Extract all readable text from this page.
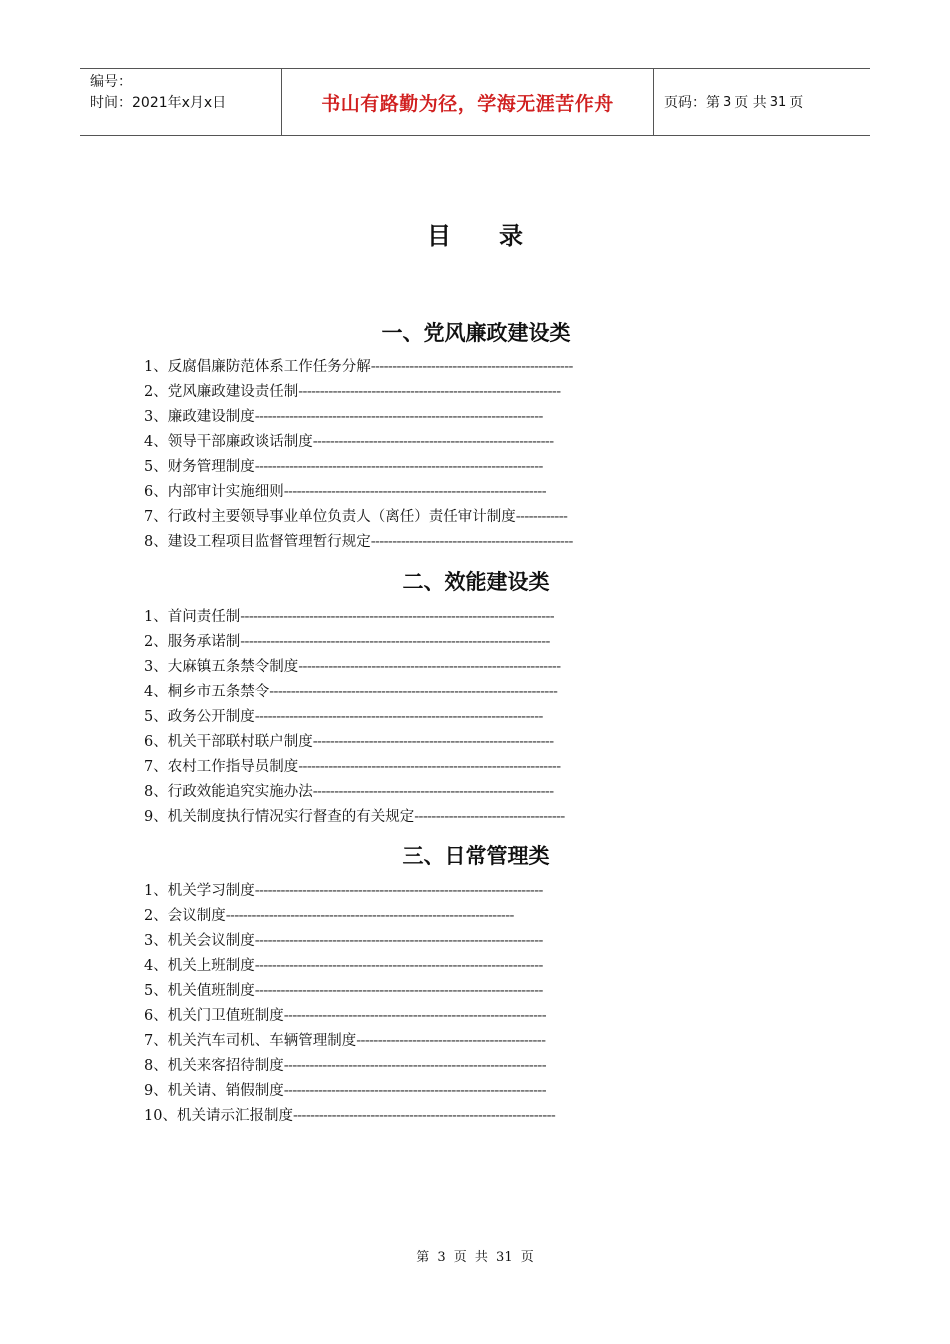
编号：
时间：2021年x月x日	书山有路勤为径，学海无涯苦作舟	页码：第 3 页 共 31 页
目 录
一、党风廉政建设类
1、反腐倡廉防范体系工作任务分解-----------------------------------------------
2、党风廉政建设责任制-------------------------------------------------------------
3、廉政建设制度-------------------------------------------------------------------
4、领导干部廉政谈话制度--------------------------------------------------------
5、财务管理制度-------------------------------------------------------------------
6、内部审计实施细则-------------------------------------------------------------
7、行政村主要领导事业单位负责人（离任）责任审计制度------------
8、建设工程项目监督管理暂行规定-----------------------------------------------
二、效能建设类
1、首问责任制-------------------------------------------------------------------------
2、服务承诺制------------------------------------------------------------------------
3、大麻镇五条禁令制度-------------------------------------------------------------
4、桐乡市五条禁令-------------------------------------------------------------------
5、政务公开制度-------------------------------------------------------------------
6、机关干部联村联户制度--------------------------------------------------------
7、农村工作指导员制度-------------------------------------------------------------
8、行政效能追究实施办法--------------------------------------------------------
9、机关制度执行情况实行督查的有关规定-----------------------------------
三、日常管理类
1、机关学习制度-------------------------------------------------------------------
2、会议制度-------------------------------------------------------------------
3、机关会议制度-------------------------------------------------------------------
4、机关上班制度-------------------------------------------------------------------
5、机关值班制度-------------------------------------------------------------------
6、机关门卫值班制度-------------------------------------------------------------
7、机关汽车司机、车辆管理制度--------------------------------------------
8、机关来客招待制度-------------------------------------------------------------
9、机关请、销假制度-------------------------------------------------------------
10、机关请示汇报制度-------------------------------------------------------------
第 3 页 共 31 页
